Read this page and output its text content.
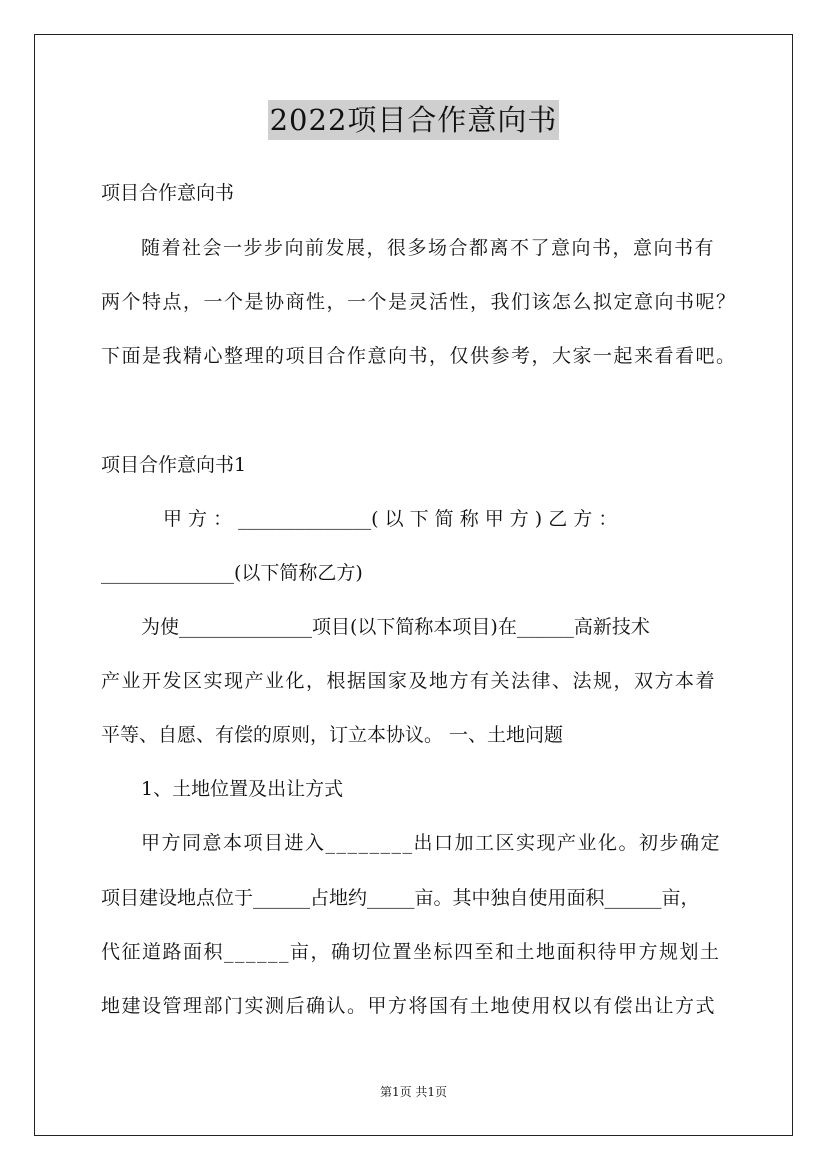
2022项目合作意向书
项目合作意向书
随着社会一步步向前发展，很多场合都离不了意向书，意向书有
两个特点，一个是协商性，一个是灵活性，我们该怎么拟定意向书呢？
下面是我精心整理的项目合作意向书，仅供参考，大家一起来看看吧。
项目合作意向书1
甲 方 ： ______________( 以 下 简 称 甲 方 ) 乙 方 ：
______________(以下简称乙方)
为使______________项目(以下简称本项目)在______高新技术
产业开发区实现产业化，根据国家及地方有关法律、法规，双方本着
平等、自愿、有偿的原则，订立本协议。 一、土地问题
1、土地位置及出让方式
甲方同意本项目进入________出口加工区实现产业化。初步确定
项目建设地点位于______占地约_____亩。其中独自使用面积______亩，
代征道路面积______亩，确切位置坐标四至和土地面积待甲方规划土
地建设管理部门实测后确认。甲方将国有土地使用权以有偿出让方式
第1页 共1页
